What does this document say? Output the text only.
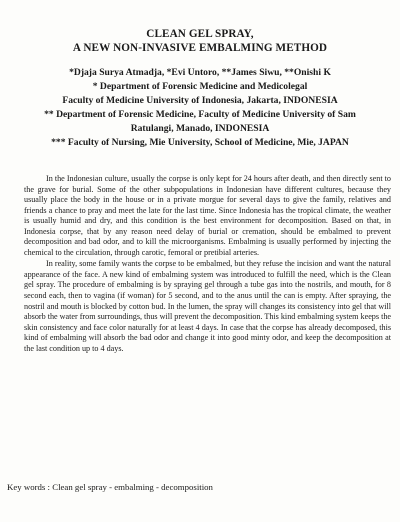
CLEAN GEL SPRAY,
A NEW NON-INVASIVE EMBALMING METHOD
*Djaja Surya Atmadja, *Evi Untoro, **James Siwu, **Onishi K
* Department of Forensic Medicine and Medicolegal
Faculty of Medicine University of Indonesia, Jakarta, INDONESIA
** Department of Forensic Medicine, Faculty of Medicine University of Sam
Ratulangi, Manado, INDONESIA
*** Faculty of Nursing, Mie University, School of Medicine, Mie, JAPAN

In the Indonesian culture, usually the corpse is only kept for 24 hours after death, and then directly sent to the grave for burial. Some of the other subpopulations in Indonesian have different cultures, because they usually place the body in the house or in a private morgue for several days to give the family, relatives and friends a chance to pray and meet the late for the last time. Since Indonesia has the tropical climate, the weather is usually humid and dry, and this condition is the best environment for decomposition. Based on that, in Indonesia corpse, that by any reason need delay of burial or cremation, should be embalmed to prevent decomposition and bad odor, and to kill the microorganisms. Embalming is usually performed by injecting the chemical to the circulation, through carotic, femoral or pretibial arteries.

In reality, some family wants the corpse to be embalmed, but they refuse the incision and want the natural appearance of the face. A new kind of embalming system was introduced to fulfill the need, which is the Clean gel spray. The procedure of embalming is by spraying gel through a tube gas into the nostrils, and mouth, for 8 second each, then to vagina (if woman) for 5 second, and to the anus until the can is empty. After spraying, the nostril and mouth is blocked by cotton bud. In the lumen, the spray will changes its consistency into gel that will absorb the water from surroundings, thus will prevent the decomposition. This kind embalming system keeps the skin consistency and face color naturally for at least 4 days. In case that the corpse has already decomposed, this kind of embalming will absorb the bad odor and change it into good minty odor, and keep the decomposition at the last condition up to 4 days.

Key words : Clean gel spray - embalming - decomposition
